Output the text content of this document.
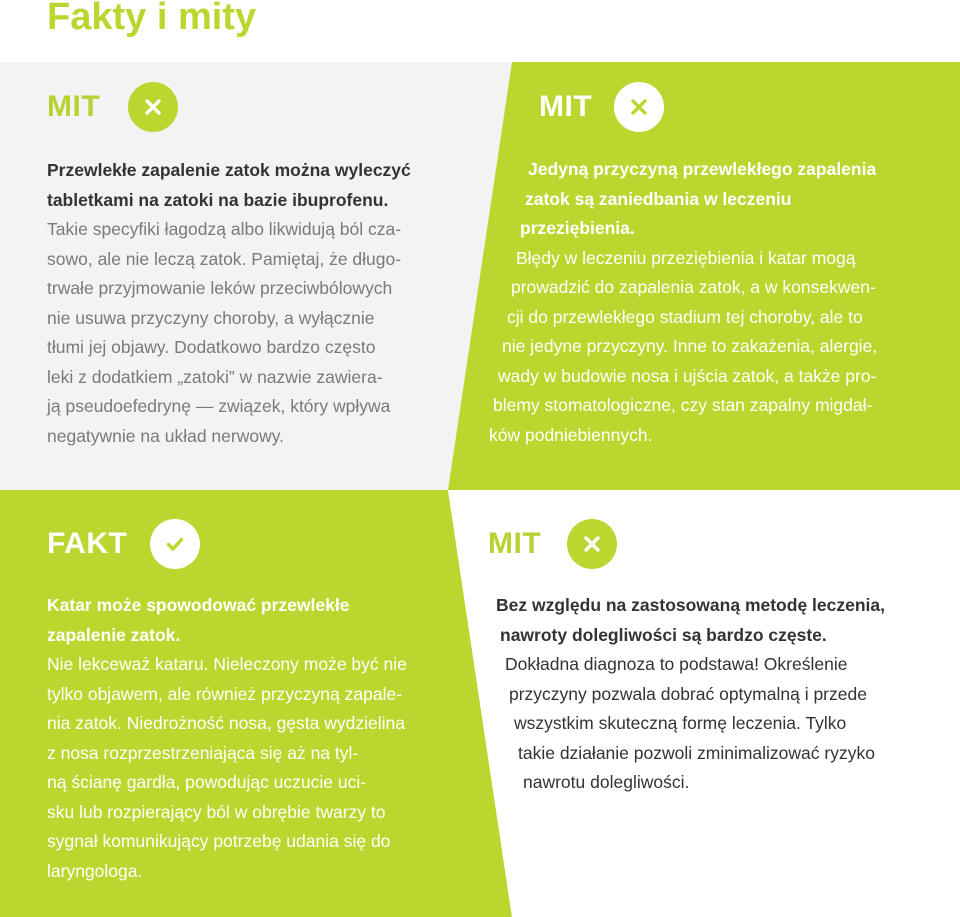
Fakty i mity
MIT
Przewlekłe zapalenie zatok można wyleczyć
tabletkami na zatoki na bazie ibuprofenu.
Takie specyfiki łagodzą albo likwidują ból cza-
sowo, ale nie leczą zatok. Pamiętaj, że długo-
trwałe przyjmowanie leków przeciwbólowych
nie usuwa przyczyny choroby, a wyłącznie
tłumi jej objawy. Dodatkowo bardzo często
leki z dodatkiem „zatoki” w nazwie zawiera-
ją pseudoefedrynę — związek, który wpływa
negatywnie na układ nerwowy.
MIT
Jedyną przyczyną przewlekłego zapalenia
zatok są zaniedbania w leczeniu
przeziębienia.
Błędy w leczeniu przeziębienia i katar mogą
prowadzić do zapalenia zatok, a w konsekwen-
cji do przewlekłego stadium tej choroby, ale to
nie jedyne przyczyny. Inne to zakażenia, alergie,
wady w budowie nosa i ujścia zatok, a także pro-
blemy stomatologiczne, czy stan zapalny migdał-
ków podniebiennych.
FAKT
Katar może spowodować przewlekłe
zapalenie zatok.
Nie lekceważ kataru. Nieleczony może być nie
tylko objawem, ale również przyczyną zapale-
nia zatok. Niedrożność nosa, gęsta wydzielina
z nosa rozprzestrzeniająca się aż na tyl-
ną ścianę gardła, powodując uczucie uci-
sku lub rozpierający ból w obrębie twarzy to
sygnał komunikujący potrzebę udania się do
laryngologa.
MIT
Bez względu na zastosowaną metodę leczenia,
nawroty dolegliwości są bardzo częste.
Dokładna diagnoza to podstawa! Określenie
przyczyny pozwala dobrać optymalną i przede
wszystkim skuteczną formę leczenia. Tylko
takie działanie pozwoli zminimalizować ryzyko
nawrotu dolegliwości.
